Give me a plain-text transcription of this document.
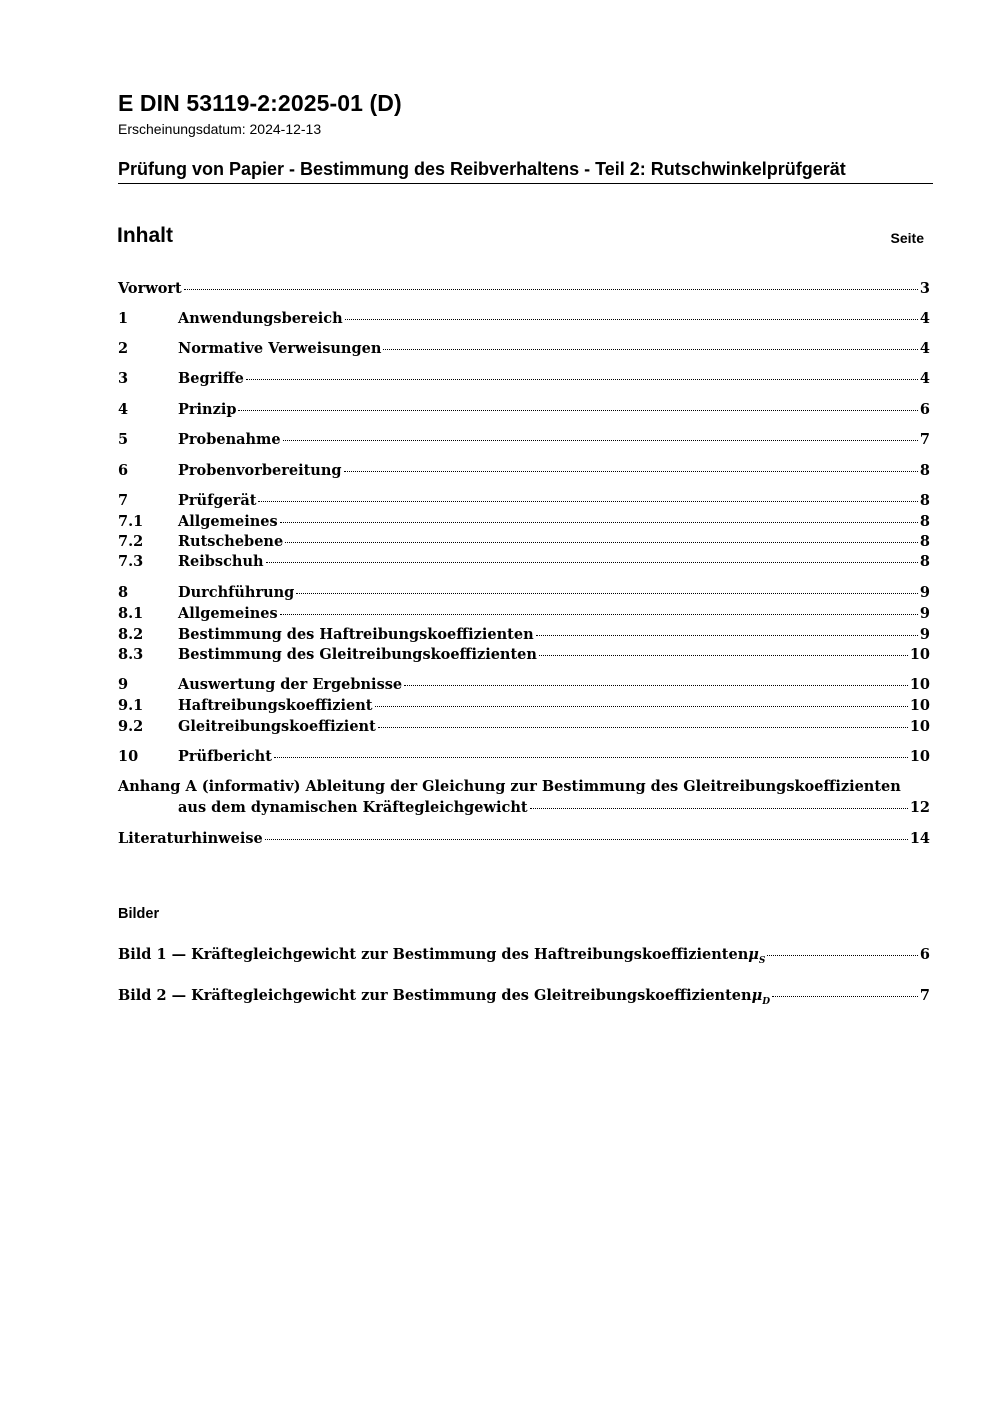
E DIN 53119-2:2025-01 (D)
Erscheinungsdatum: 2024-12-13
Prüfung von Papier - Bestimmung des Reibverhaltens - Teil 2: Rutschwinkelprüfgerät
Inhalt	Seite
Vorwort	3
1	Anwendungsbereich	4
2	Normative Verweisungen	4
3	Begriffe	4
4	Prinzip	6
5	Probenahme	7
6	Probenvorbereitung	8
7	Prüfgerät	8
7.1	Allgemeines	8
7.2	Rutschebene	8
7.3	Reibschuh	8
8	Durchführung	9
8.1	Allgemeines	9
8.2	Bestimmung des Haftreibungskoeffizienten	9
8.3	Bestimmung des Gleitreibungskoeffizienten	10
9	Auswertung der Ergebnisse	10
9.1	Haftreibungskoeffizient	10
9.2	Gleitreibungskoeffizient	10
10	Prüfbericht	10
Anhang A (informativ) Ableitung der Gleichung zur Bestimmung des Gleitreibungskoeffizienten
aus dem dynamischen Kräftegleichgewicht	12
Literaturhinweise	14
Bilder
Bild 1 — Kräftegleichgewicht zur Bestimmung des Haftreibungskoeffizienten $\mu_S$	6
Bild 2 — Kräftegleichgewicht zur Bestimmung des Gleitreibungskoeffizienten $\mu_D$	7
